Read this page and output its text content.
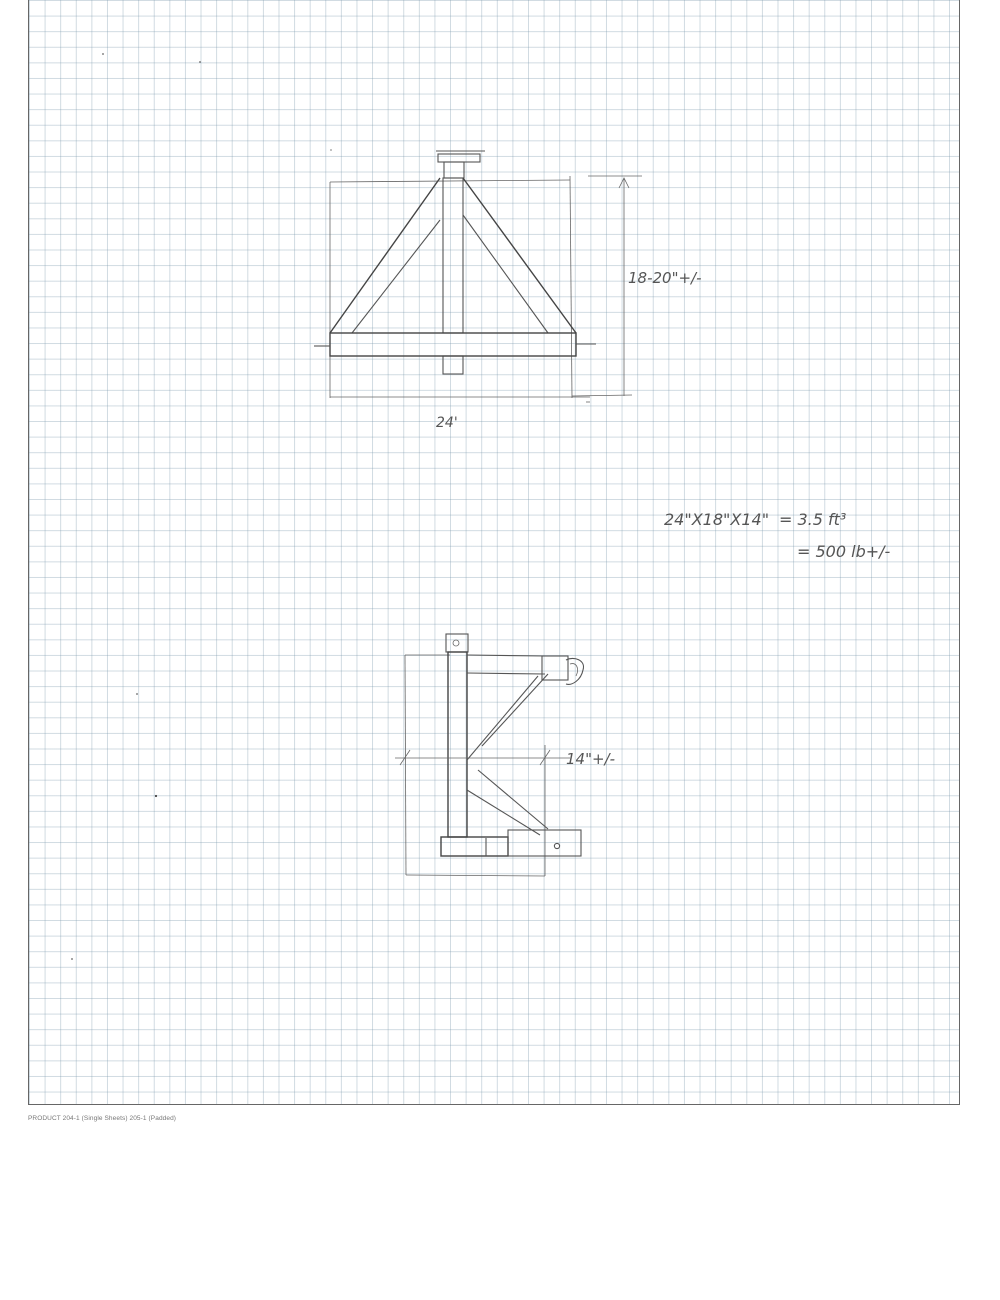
24'
18-20"+/-
14"+/-
24"X18"X14" = 3.5 ft³
= 500 lb+/-
PRODUCT 204-1 (Single Sheets) 205-1 (Padded)
